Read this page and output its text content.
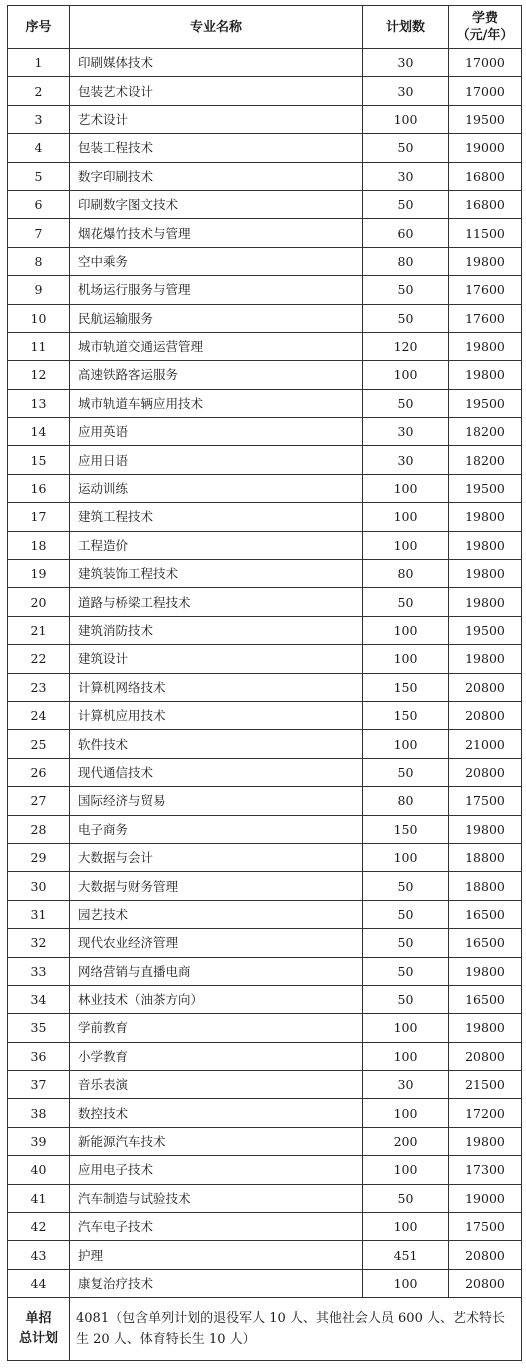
序号	专业名称	计划数	学费
（元/年）

1	印刷媒体技术	30	17000
2	包装艺术设计	30	17000
3	艺术设计	100	19500
4	包装工程技术	50	19000
5	数字印刷技术	30	16800
6	印刷数字图文技术	50	16800
7	烟花爆竹技术与管理	60	11500
8	空中乘务	80	19800
9	机场运行服务与管理	50	17600
10	民航运输服务	50	17600
11	城市轨道交通运营管理	120	19800
12	高速铁路客运服务	100	19800
13	城市轨道车辆应用技术	50	19500
14	应用英语	30	18200
15	应用日语	30	18200
16	运动训练	100	19500
17	建筑工程技术	100	19800
18	工程造价	100	19800
19	建筑装饰工程技术	80	19800
20	道路与桥梁工程技术	50	19800
21	建筑消防技术	100	19500
22	建筑设计	100	19800
23	计算机网络技术	150	20800
24	计算机应用技术	150	20800
25	软件技术	100	21000
26	现代通信技术	50	20800
27	国际经济与贸易	80	17500
28	电子商务	150	19800
29	大数据与会计	100	18800
30	大数据与财务管理	50	18800
31	园艺技术	50	16500
32	现代农业经济管理	50	16500
33	网络营销与直播电商	50	19800
34	林业技术（油茶方向）	50	16500
35	学前教育	100	19800
36	小学教育	100	20800
37	音乐表演	30	21500
38	数控技术	100	17200
39	新能源汽车技术	200	19800
40	应用电子技术	100	17300
41	汽车制造与试验技术	50	19000
42	汽车电子技术	100	17500
43	护理	451	20800
44	康复治疗技术	100	20800

单招
总计划	4081（包含单列计划的退役军人 10 人、其他社会人员 600 人、艺术特长生 20 人、体育特长生 10 人）		
